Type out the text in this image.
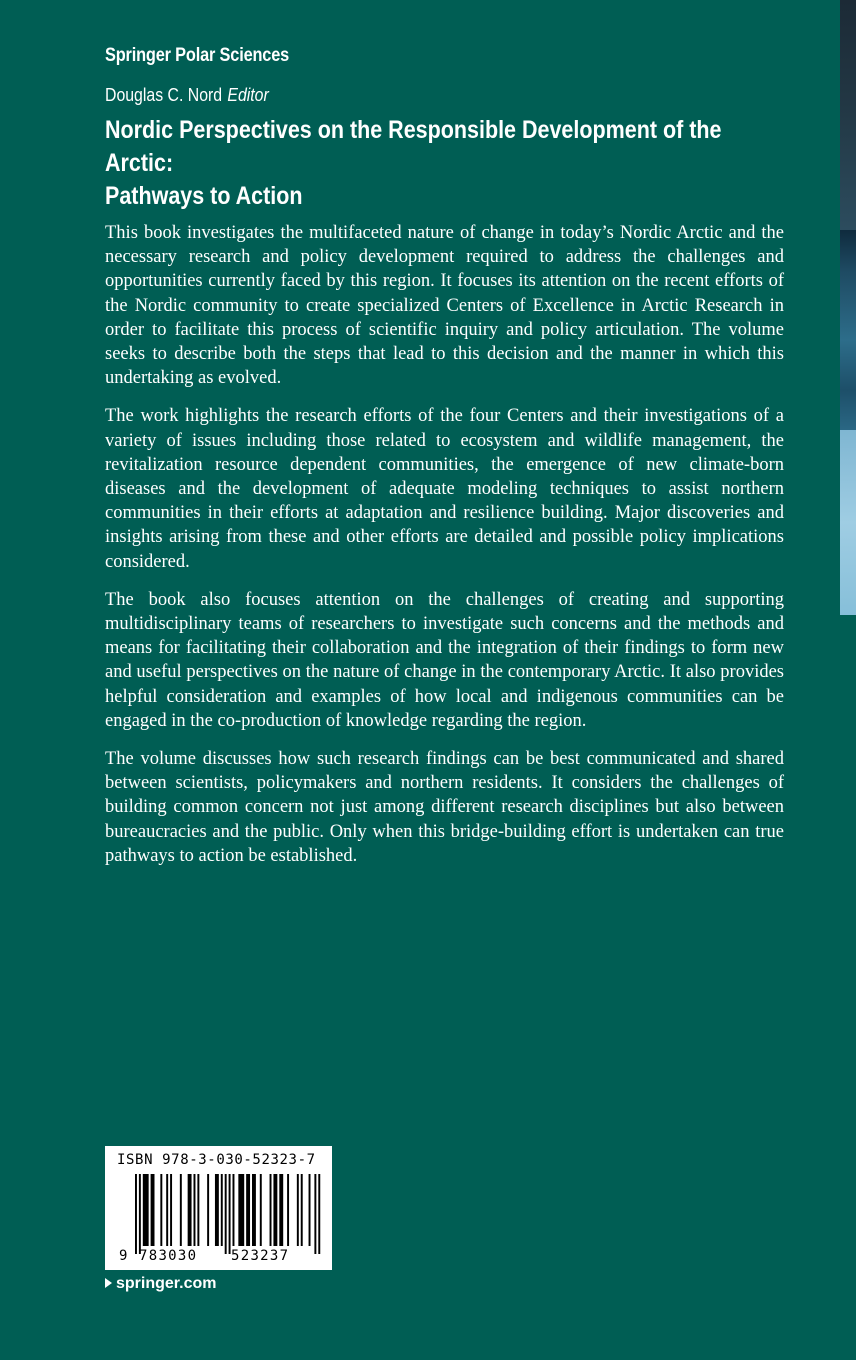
Springer Polar Sciences
Douglas C. Nord Editor
Nordic Perspectives on the Responsible Development of the Arctic:
Pathways to Action

This book investigates the multifaceted nature of change in today’s Nordic Arctic and the necessary research and policy development required to address the challenges and opportunities currently faced by this region. It focuses its attention on the recent efforts of the Nordic community to create specialized Centers of Excellence in Arctic Research in order to facilitate this process of scientific inquiry and policy articulation. The volume seeks to describe both the steps that lead to this decision and the manner in which this undertaking as evolved.

The work highlights the research efforts of the four Centers and their investigations of a variety of issues including those related to ecosystem and wildlife management, the revitalization resource dependent communities, the emergence of new climate-born diseases and the development of adequate modeling techniques to assist northern communities in their efforts at adaptation and resilience building. Major discoveries and insights arising from these and other efforts are detailed and possible policy implications considered.

The book also focuses attention on the challenges of creating and supporting multidisciplinary teams of researchers to investigate such concerns and the methods and means for facilitating their collaboration and the integration of their findings to form new and useful perspectives on the nature of change in the contemporary Arctic. It also provides helpful consideration and examples of how local and indigenous communities can be engaged in the co-production of knowledge regarding the region.

The volume discusses how such research findings can be best communicated and shared between scientists, policymakers and northern residents. It considers the challenges of building common concern not just among different research disciplines but also between bureaucracies and the public. Only when this bridge-building effort is undertaken can true pathways to action be established.

ISBN 978-3-030-52323-7
9 783030 523237
springer.com
